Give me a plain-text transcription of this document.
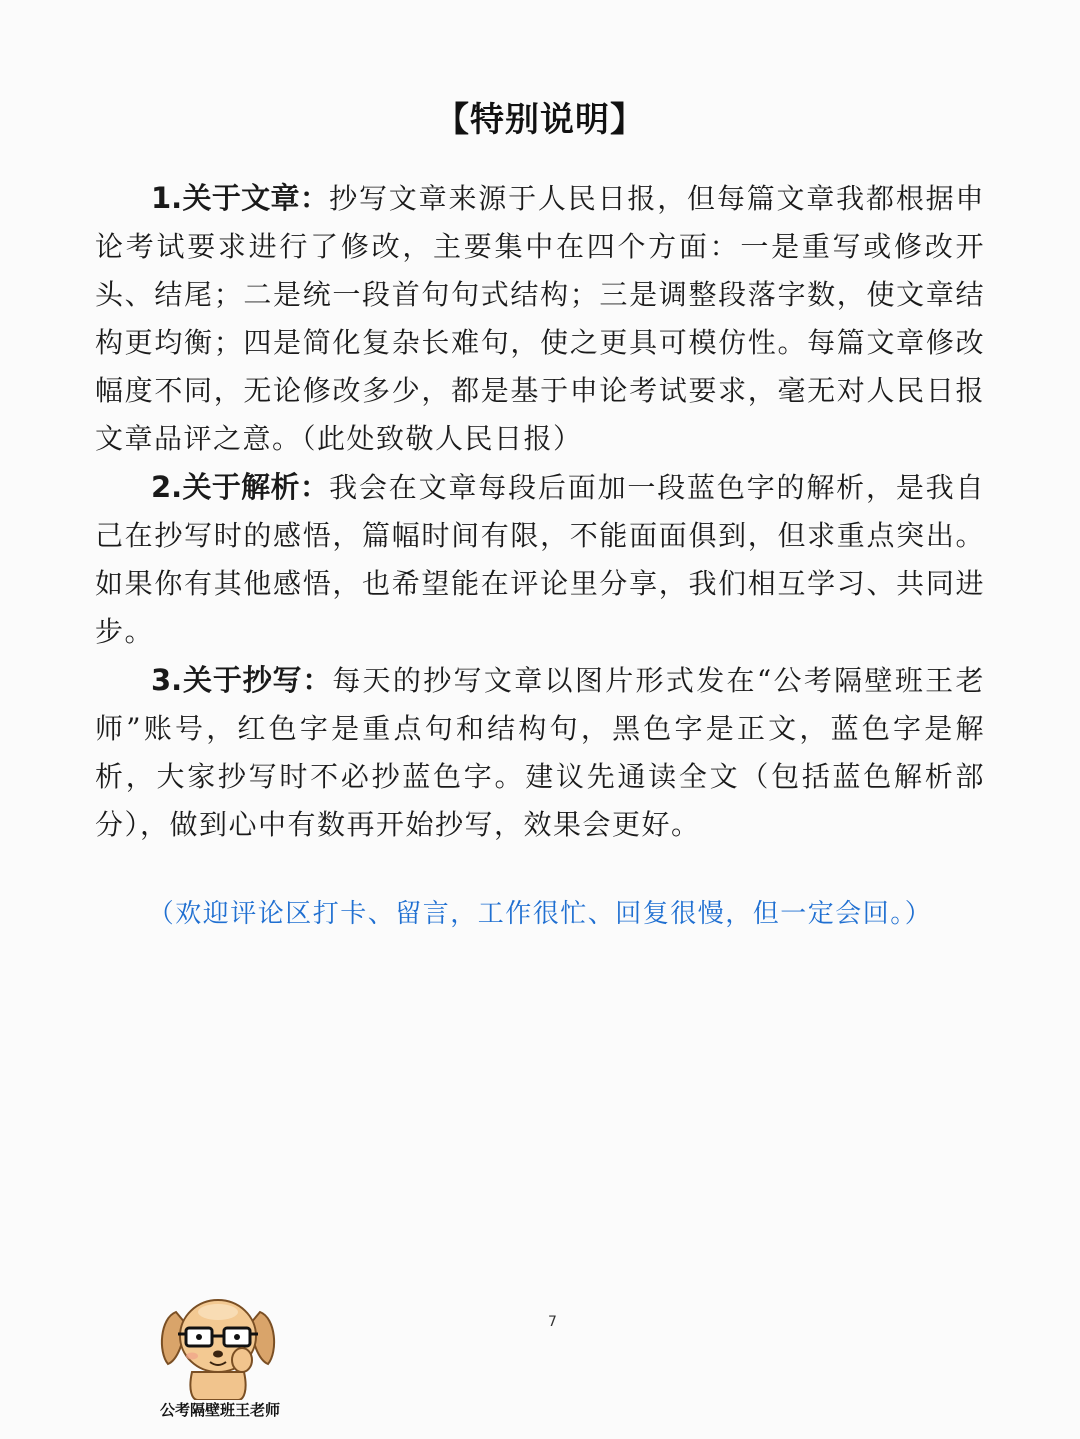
【特别说明】

1.关于文章：抄写文章来源于人民日报，但每篇文章我都根据申论考试要求进行了修改，主要集中在四个方面：一是重写或修改开头、结尾；二是统一段首句句式结构；三是调整段落字数，使文章结构更均衡；四是简化复杂长难句，使之更具可模仿性。每篇文章修改幅度不同，无论修改多少，都是基于申论考试要求，毫无对人民日报文章品评之意。（此处致敬人民日报）

2.关于解析：我会在文章每段后面加一段蓝色字的解析，是我自己在抄写时的感悟，篇幅时间有限，不能面面俱到，但求重点突出。如果你有其他感悟，也希望能在评论里分享，我们相互学习、共同进步。

3.关于抄写：每天的抄写文章以图片形式发在“公考隔壁班王老师”账号，红色字是重点句和结构句，黑色字是正文，蓝色字是解析，大家抄写时不必抄蓝色字。建议先通读全文（包括蓝色解析部分），做到心中有数再开始抄写，效果会更好。

（欢迎评论区打卡、留言，工作很忙、回复很慢，但一定会回。）
7
公考隔壁班王老师
